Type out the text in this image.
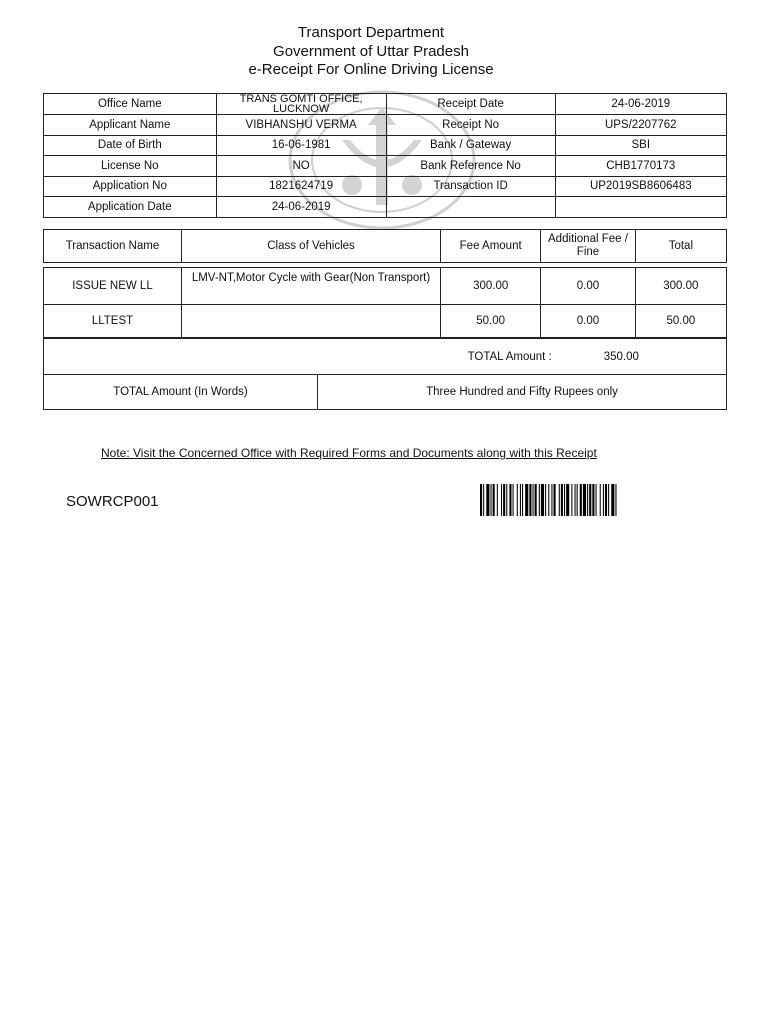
Transport Department
Government of Uttar Pradesh
e-Receipt For Online Driving License
Office Name	TRANS GOMTI OFFICE, LUCKNOW	Receipt Date	24-06-2019
Applicant Name	VIBHANSHU VERMA	Receipt No	UPS/2207762
Date of Birth	16-06-1981	Bank / Gateway	SBI
License No	NO	Bank Reference No	CHB1770173
Application No	1821624719	Transaction ID	UP2019SB8606483
Application Date	24-06-2019		
Transaction Name	Class of Vehicles	Fee Amount	Additional Fee / Fine	Total

ISSUE NEW LL	LMV-NT,Motor Cycle with Gear(Non Transport)	300.00	0.00	300.00
LLTEST		50.00	0.00	50.00
TOTAL Amount :	350.00
TOTAL Amount (In Words)	Three Hundred and Fifty Rupees only
Note: Visit the Concerned Office with Required Forms and Documents along with this Receipt
SOWRCP001
